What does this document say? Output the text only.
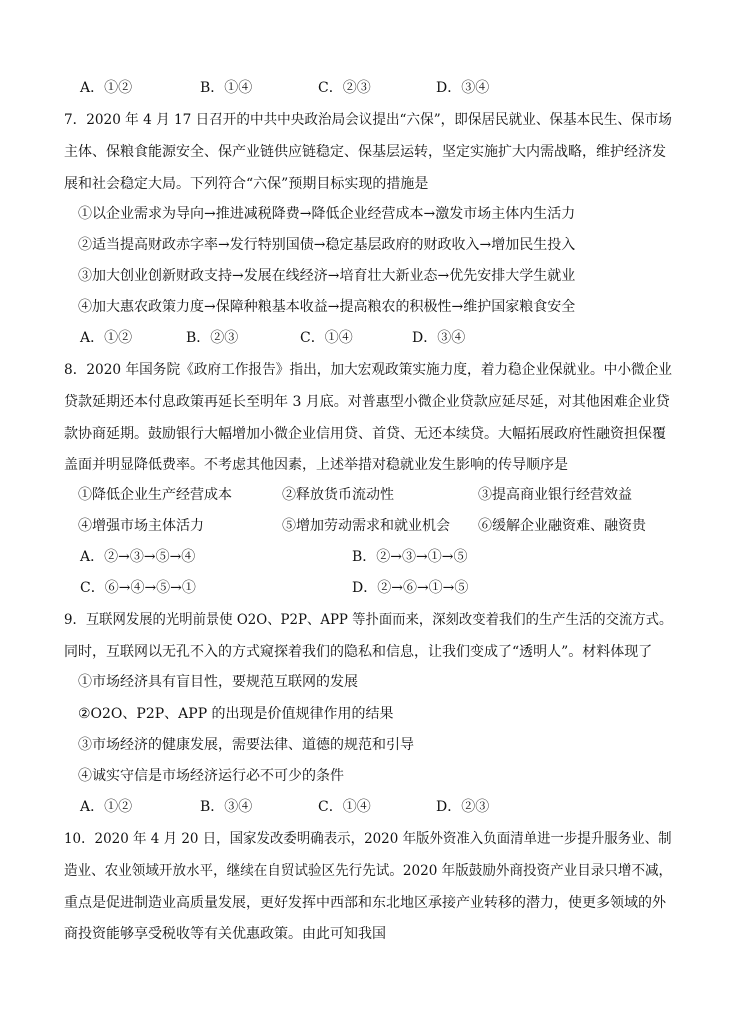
A．①②	B．①④	C．②③	D．③④
7．2020 年 4 月 17 日召开的中共中央政治局会议提出“六保”，即保居民就业、保基本民生、保市场
主体、保粮食能源安全、保产业链供应链稳定、保基层运转，坚定实施扩大内需战略，维护经济发
展和社会稳定大局。下列符合“六保”预期目标实现的措施是
①以企业需求为导向→推进减税降费→降低企业经营成本→激发市场主体内生活力
②适当提高财政赤字率→发行特别国债→稳定基层政府的财政收入→增加民生投入
③加大创业创新财政支持→发展在线经济→培育壮大新业态→优先安排大学生就业
④加大惠农政策力度→保障种粮基本收益→提高粮农的积极性→维护国家粮食安全
A．①②	B．②③	C．①④	D．③④
8．2020 年国务院《政府工作报告》指出，加大宏观政策实施力度，着力稳企业保就业。中小微企业
贷款延期还本付息政策再延长至明年 3 月底。对普惠型小微企业贷款应延尽延，对其他困难企业贷
款协商延期。鼓励银行大幅增加小微企业信用贷、首贷、无还本续贷。大幅拓展政府性融资担保覆
盖面并明显降低费率。不考虑其他因素，上述举措对稳就业发生影响的传导顺序是
①降低企业生产经营成本	②释放货币流动性	③提高商业银行经营效益
④增强市场主体活力	⑤增加劳动需求和就业机会 ⑥缓解企业融资难、融资贵
A．②→③→⑤→④	B．②→③→①→⑤
C．⑥→④→⑤→①	D．②→⑥→①→⑤
9．互联网发展的光明前景使 O2O、P2P、APP 等扑面而来，深刻改变着我们的生产生活的交流方式。
同时，互联网以无孔不入的方式窥探着我们的隐私和信息，让我们变成了“透明人”。材料体现了
①市场经济具有盲目性，要规范互联网的发展
②O2O、P2P、APP 的出现是价值规律作用的结果
③市场经济的健康发展，需要法律、道德的规范和引导
④诚实守信是市场经济运行必不可少的条件
A．①②	B．③④	C．①④	D．②③
10．2020 年 4 月 20 日，国家发改委明确表示，2020 年版外资准入负面清单进一步提升服务业、制
造业、农业领域开放水平，继续在自贸试验区先行先试。2020 年版鼓励外商投资产业目录只增不减，
重点是促进制造业高质量发展，更好发挥中西部和东北地区承接产业转移的潜力，使更多领域的外
商投资能够享受税收等有关优惠政策。由此可知我国
